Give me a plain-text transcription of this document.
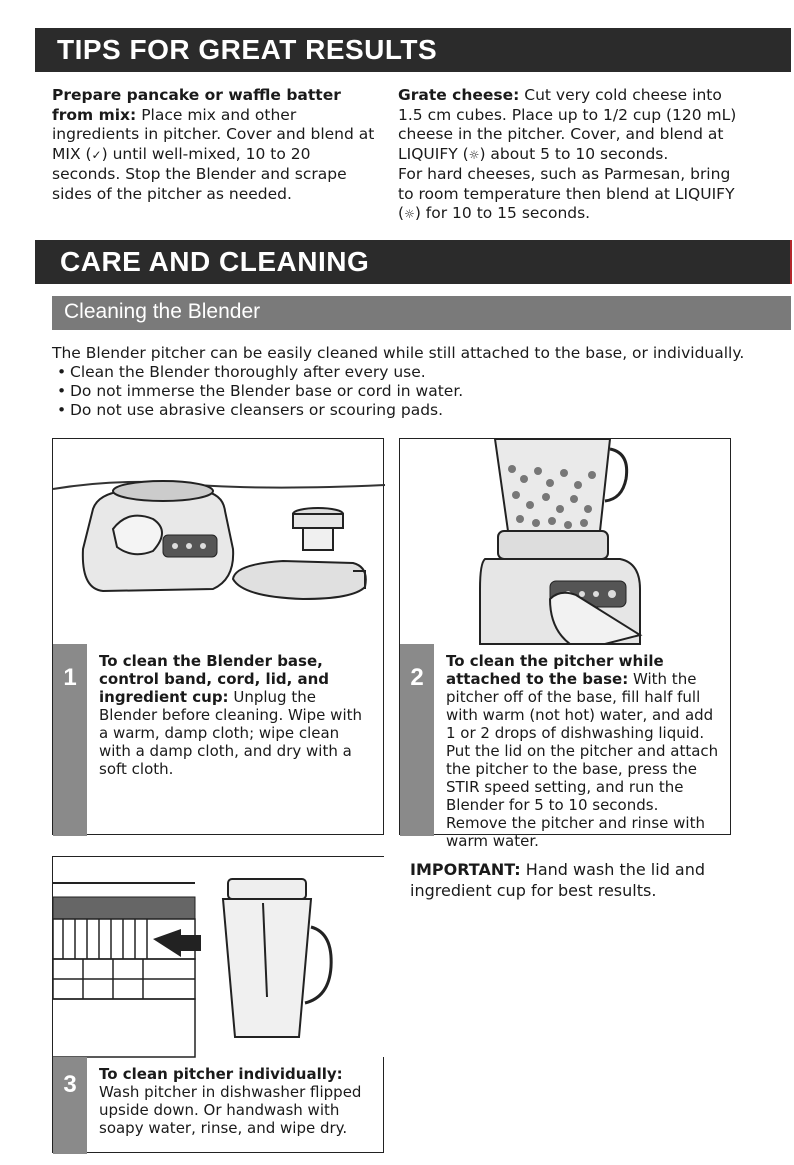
TIPS FOR GREAT RESULTS
Prepare pancake or waffle batter from mix: Place mix and other ingredients in pitcher. Cover and blend at MIX (✓) until well-mixed, 10 to 20 seconds. Stop the Blender and scrape sides of the pitcher as needed.
Grate cheese: Cut very cold cheese into 1.5 cm cubes. Place up to 1/2 cup (120 mL) cheese in the pitcher. Cover, and blend at LIQUIFY (☼) about 5 to 10 seconds.
For hard cheeses, such as Parmesan, bring to room temperature then blend at LIQUIFY (☼) for 10 to 15 seconds.
CARE AND CLEANING
Cleaning the Blender
The Blender pitcher can be easily cleaned while still attached to the base, or individually.
• Clean the Blender thoroughly after every use.
• Do not immerse the Blender base or cord in water.
• Do not use abrasive cleansers or scouring pads.
1
To clean the Blender base, control band, cord, lid, and ingredient cup: Unplug the Blender before cleaning. Wipe with a warm, damp cloth; wipe clean with a damp cloth, and dry with a soft cloth.
2
To clean the pitcher while attached to the base: With the pitcher off of the base, fill half full with warm (not hot) water, and add 1 or 2 drops of dishwashing liquid. Put the lid on the pitcher and attach the pitcher to the base, press the STIR speed setting, and run the Blender for 5 to 10 seconds. Remove the pitcher and rinse with warm water.
3	To clean pitcher individually: Wash pitcher in dishwasher flipped upside down. Or handwash with soapy water, rinse, and wipe dry.
IMPORTANT: Hand wash the lid and ingredient cup for best results.
